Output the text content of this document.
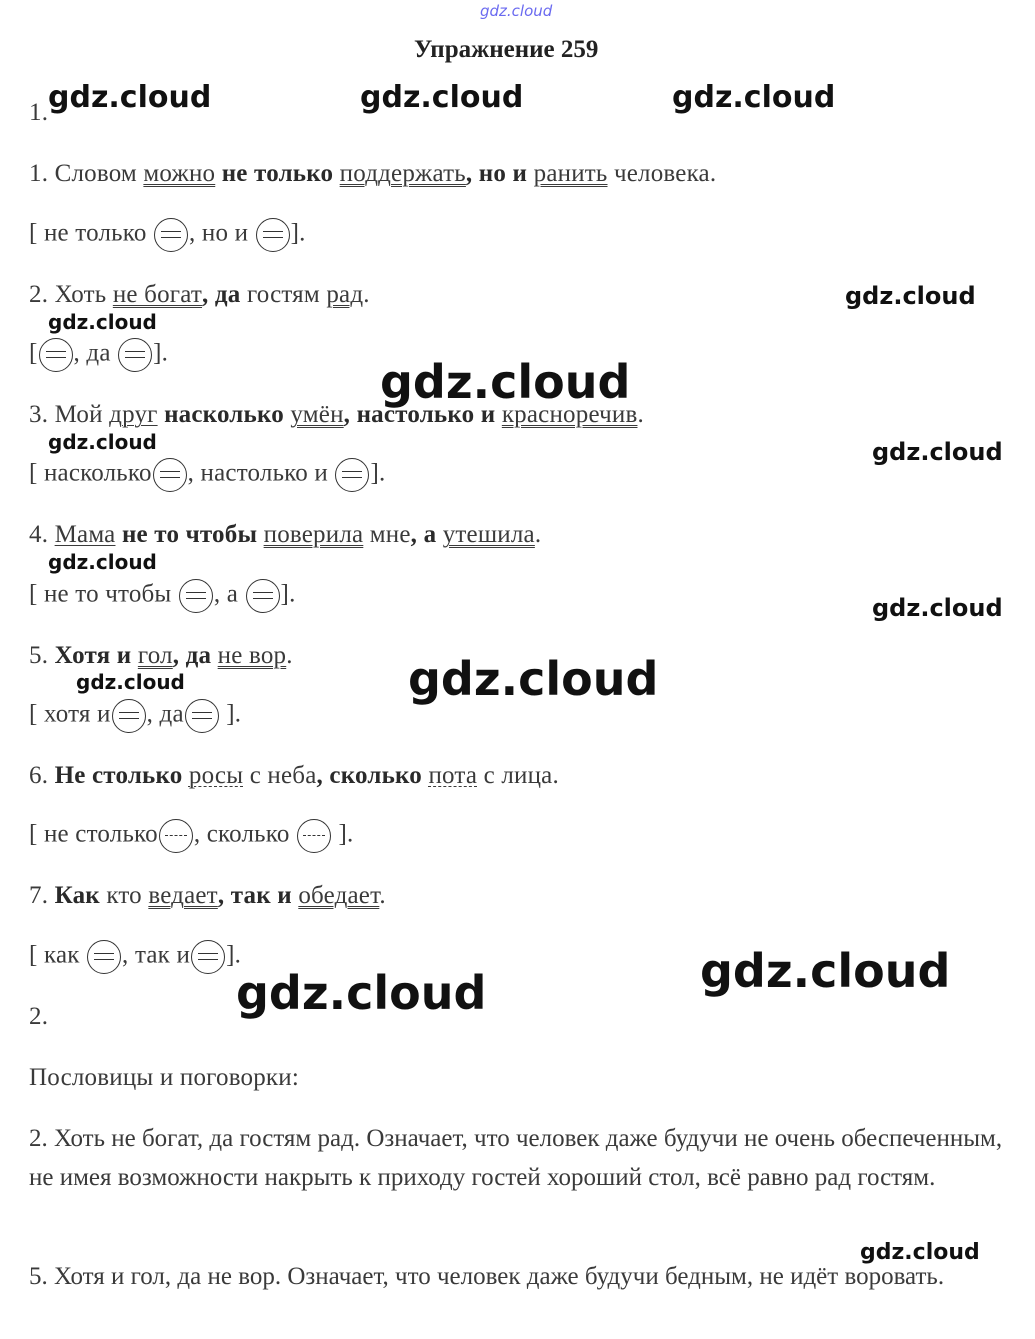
gdz.cloud
Упражнение 259
1. gdz.cloud	gdz.cloud	gdz.cloud
gdz.cloud
gdz.cloud
gdz.cloud
gdz.cloud	gdz.cloud
gdz.cloud
gdz.cloud
gdz.cloud	gdz.cloud
gdz.cloud
gdz.cloud
gdz.cloud
1. Словом можно не только поддержать, но и ранить человека.
[ не только , но и ].
2. Хоть не богат, да гостям рад.
[ , да ].
3. Мой друг насколько умён, настолько и красноречив.
[ насколько , настолько и ].
4. Мама не то чтобы поверила мне, а утешила.
[ не то чтобы , а ].
5. Хотя и гол, да не вор.
[ хотя и , да ].
6. Не столько росы с неба, сколько пота с лица.
[ не столько , сколько ].
7. Как кто ведает, так и обедает.
[ как , так и ].
2.
Пословицы и поговорки:
2. Хоть не богат, да гостям рад. Означает, что человек даже будучи не очень обеспеченным, не имея возможности накрыть к приходу гостей хороший стол, всё равно рад гостям.
5. Хотя и гол, да не вор. Означает, что человек даже будучи бедным, не идёт воровать.
